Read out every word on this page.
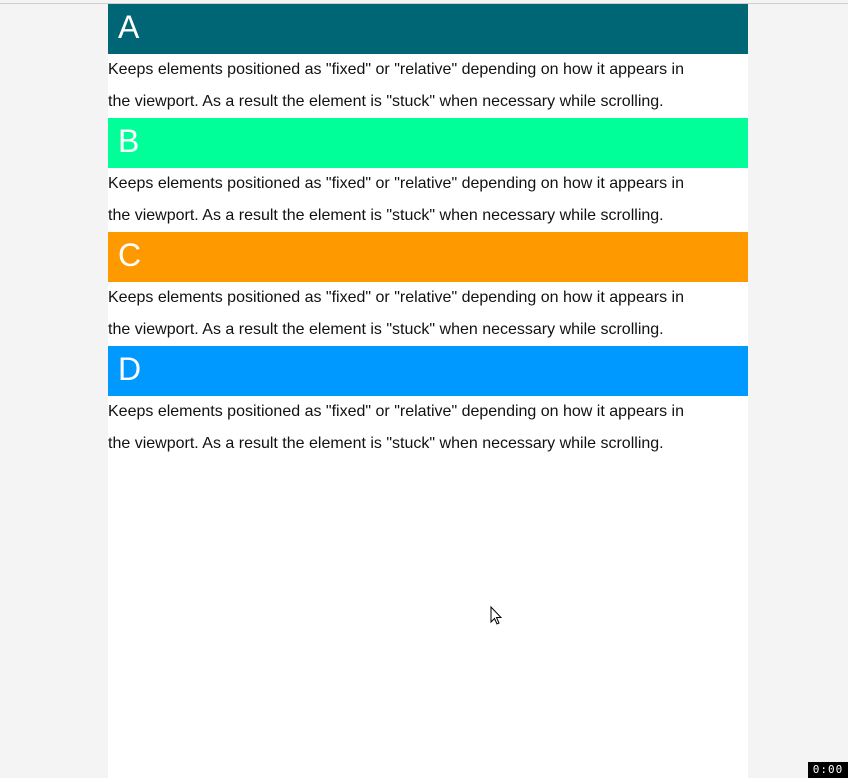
A

Keeps elements positioned as "fixed" or "relative" depending on how it appears in
the viewport. As a result the element is "stuck" when necessary while scrolling.

B

Keeps elements positioned as "fixed" or "relative" depending on how it appears in
the viewport. As a result the element is "stuck" when necessary while scrolling.

C

Keeps elements positioned as "fixed" or "relative" depending on how it appears in
the viewport. As a result the element is "stuck" when necessary while scrolling.

D

Keeps elements positioned as "fixed" or "relative" depending on how it appears in
the viewport. As a result the element is "stuck" when necessary while scrolling.

0:00
